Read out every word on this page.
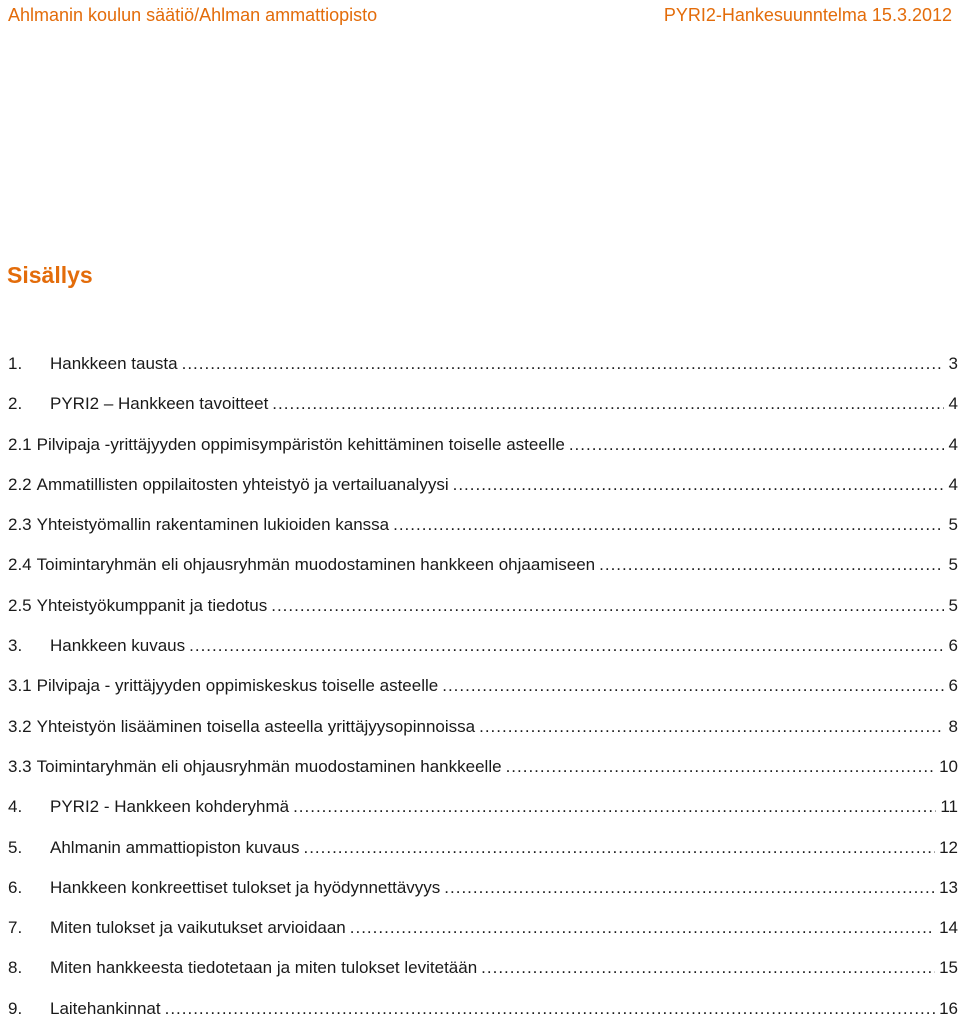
Ahlmanin koulun säätiö/Ahlman ammattiopisto	PYRI2-Hankesuunntelma 15.3.2012
Sisällys
1.	Hankkeen tausta .....	3
2.	PYRI2 – Hankkeen tavoitteet .....	4
2.1 Pilvipaja -yrittäjyyden oppimisympäristön kehittäminen toiselle asteelle .....	4
2.2 Ammatillisten oppilaitosten yhteistyö ja vertailuanalyysi .....	4
2.3 Yhteistyömallin rakentaminen lukioiden kanssa .....	5
2.4 Toimintaryhmän eli ohjausryhmän muodostaminen hankkeen ohjaamiseen .....	5
2.5 Yhteistyökumppanit ja tiedotus .....	5
3.	Hankkeen kuvaus .....	6
3.1 Pilvipaja - yrittäjyyden oppimiskeskus toiselle asteelle .....	6
3.2 Yhteistyön lisääminen toisella asteella yrittäjyysopinnoissa .....	8
3.3 Toimintaryhmän eli ohjausryhmän muodostaminen hankkeelle .....	10
4.	PYRI2 - Hankkeen kohderyhmä .....	11
5.	Ahlmanin ammattiopiston kuvaus .....	12
6.	Hankkeen konkreettiset tulokset ja hyödynnettävyys .....	13
7.	Miten tulokset ja vaikutukset arvioidaan .....	14
8.	Miten hankkeesta tiedotetaan ja miten tulokset levitetään .....	15
9.	Laitehankinnat .....	16
